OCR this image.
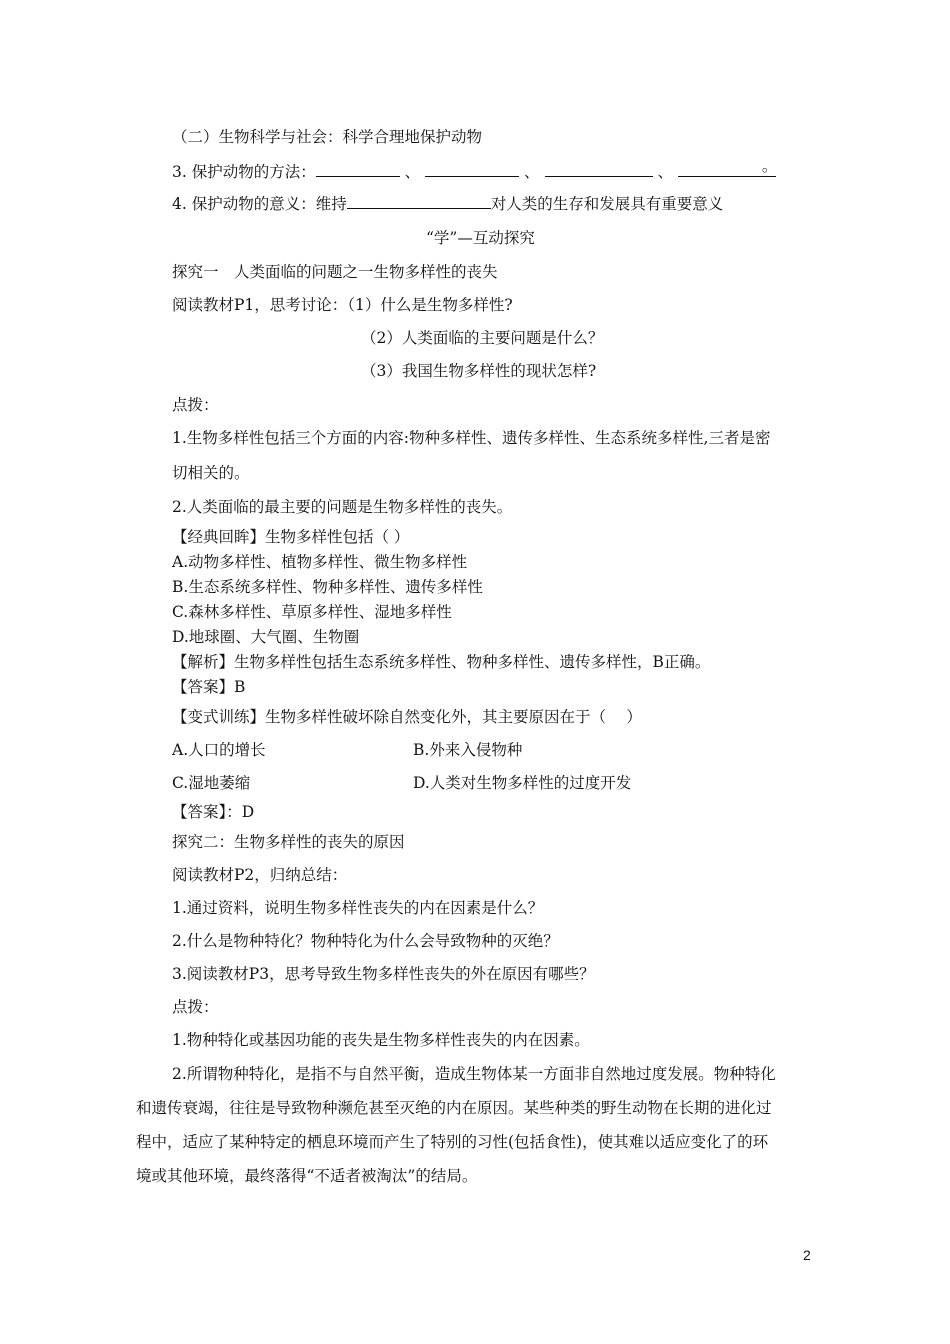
（二）生物科学与社会：科学合理地保护动物
3. 保护动物的方法：	、	、	、	。
4. 保护动物的意义：维持	对人类的生存和发展具有重要意义
“学”—互动探究
探究一　人类面临的问题之一生物多样性的丧失
阅读教材P1，思考讨论：（1）什么是生物多样性?
（2）人类面临的主要问题是什么？
（3）我国生物多样性的现状怎样?
点拨：
1.生物多样性包括三个方面的内容:物种多样性、遗传多样性、生态系统多样性,三者是密
切相关的。
2.人类面临的最主要的问题是生物多样性的丧失。
【经典回眸】生物多样性包括（ ）
A.动物多样性、植物多样性、微生物多样性
B.生态系统多样性、物种多样性、遗传多样性
C.森林多样性、草原多样性、湿地多样性
D.地球圈、大气圈、生物圈
【解析】生物多样性包括生态系统多样性、物种多样性、遗传多样性，B正确。
【答案】B
【变式训练】生物多样性破坏除自然变化外，其主要原因在于（　 ）
A.人口的增长	B.外来入侵物种
C.湿地萎缩	D.人类对生物多样性的过度开发
【答案】：D
探究二：生物多样性的丧失的原因
阅读教材P2，归纳总结：
1.通过资料，说明生物多样性丧失的内在因素是什么？
2.什么是物种特化？物种特化为什么会导致物种的灭绝？
3.阅读教材P3，思考导致生物多样性丧失的外在原因有哪些？
点拨：
1.物种特化或基因功能的丧失是生物多样性丧失的内在因素。
2.所谓物种特化，是指不与自然平衡，造成生物体某一方面非自然地过度发展。物种特化
和遗传衰竭，往往是导致物种濒危甚至灭绝的内在原因。某些种类的野生动物在长期的进化过
程中，适应了某种特定的栖息环境而产生了特别的习性(包括食性)，使其难以适应变化了的环
境或其他环境，最终落得“不适者被淘汰”的结局。
2
